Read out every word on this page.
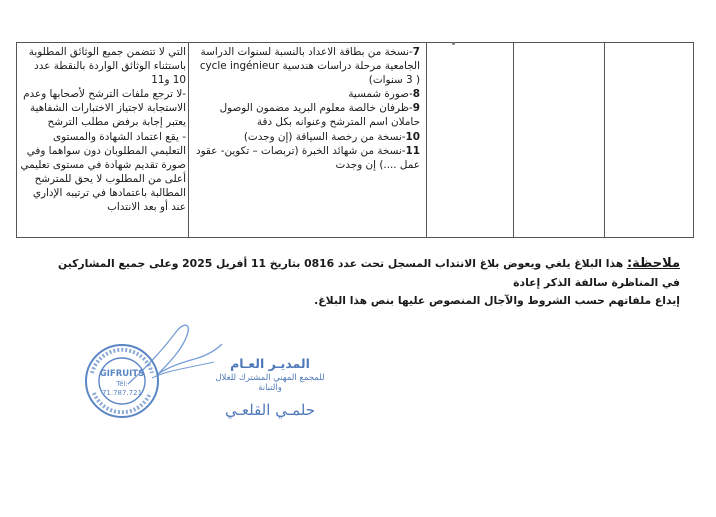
التي لا تتضمن جميع الوثائق المطلوبة باستثناء الوثائق الواردة بالنقطة عدد 10 و11

-لا ترجع ملفات الترشح لأصحابها وعدم الاستجابة لاجتياز الاختبارات الشفاهية يعتبر إجابة برفض مطلب الترشح

- يقع اعتماد الشهادة والمستوى التعليمي المطلوبان دون سواهما وفي صورة تقديم شهادة في مستوى تعليمي أعلى من المطلوب لا يحق للمترشح المطالبة باعتمادها في ترتيبه الإداري عند أو بعد الانتداب

7-نسخة من بطاقة الاعداد بالنسبة لسنوات الدراسة الجامعية مرحلة دراسات هندسية cycle ingénieur ( 3 سنوات)

8-صورة شمسية

9-ظرفان خالصة معلوم البريد مضمون الوصول حاملان اسم المترشح وعنوانه بكل دقة

10-نسخة من رخصة السياقة (إن وجدت)

11-نسخة من شهائد الخبرة (تربصات – تكوين- عقود عمل ....) إن وجدت

ملاحظة: هذا البلاغ يلغي ويعوض بلاغ الانتداب المسجل تحت عدد 0816 بتاريخ 11 أفريل 2025 وعلى جميع المشاركين في المناظرة سالفة الذكر إعادة

إيداع ملفاتهم حسب الشروط والآجال المنصوص عليها بنص هذا البلاغ.

GIFRUITS
Tél:
71.787.721
المديـر العـام
للمجمع المهني المشترك للغلال والتبانة
حلمـي القلعـي
